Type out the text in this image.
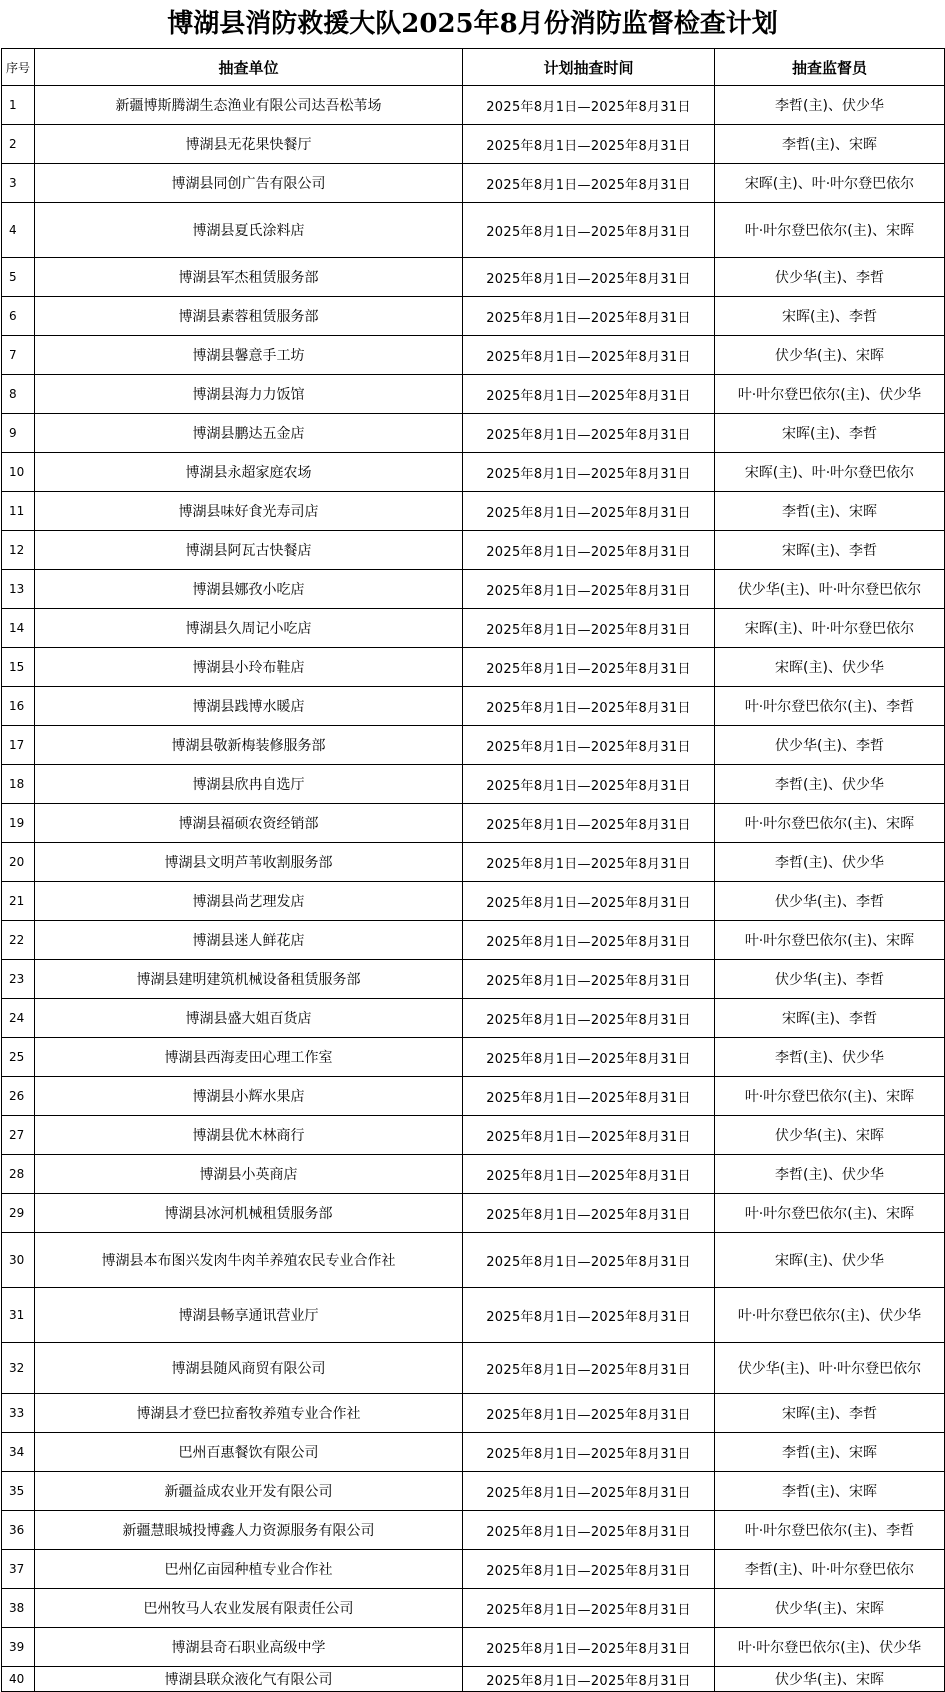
博湖县消防救援大队2025年8月份消防监督检查计划
序号	抽查单位	计划抽查时间	抽查监督员
1	新疆博斯腾湖生态渔业有限公司达吾松苇场	2025年8月1日—2025年8月31日	李哲(主)、伏少华
2	博湖县无花果快餐厅	2025年8月1日—2025年8月31日	李哲(主)、宋晖
3	博湖县同创广告有限公司	2025年8月1日—2025年8月31日	宋晖(主)、叶·叶尔登巴依尔
4	博湖县夏氏涂料店	2025年8月1日—2025年8月31日	叶·叶尔登巴依尔(主)、宋晖
5	博湖县军杰租赁服务部	2025年8月1日—2025年8月31日	伏少华(主)、李哲
6	博湖县素蓉租赁服务部	2025年8月1日—2025年8月31日	宋晖(主)、李哲
7	博湖县馨意手工坊	2025年8月1日—2025年8月31日	伏少华(主)、宋晖
8	博湖县海力力饭馆	2025年8月1日—2025年8月31日	叶·叶尔登巴依尔(主)、伏少华
9	博湖县鹏达五金店	2025年8月1日—2025年8月31日	宋晖(主)、李哲
10	博湖县永超家庭农场	2025年8月1日—2025年8月31日	宋晖(主)、叶·叶尔登巴依尔
11	博湖县味好食光寿司店	2025年8月1日—2025年8月31日	李哲(主)、宋晖
12	博湖县阿瓦古快餐店	2025年8月1日—2025年8月31日	宋晖(主)、李哲
13	博湖县娜孜小吃店	2025年8月1日—2025年8月31日	伏少华(主)、叶·叶尔登巴依尔
14	博湖县久周记小吃店	2025年8月1日—2025年8月31日	宋晖(主)、叶·叶尔登巴依尔
15	博湖县小玲布鞋店	2025年8月1日—2025年8月31日	宋晖(主)、伏少华
16	博湖县践博水暖店	2025年8月1日—2025年8月31日	叶·叶尔登巴依尔(主)、李哲
17	博湖县敬新梅装修服务部	2025年8月1日—2025年8月31日	伏少华(主)、李哲
18	博湖县欣冉自选厅	2025年8月1日—2025年8月31日	李哲(主)、伏少华
19	博湖县福硕农资经销部	2025年8月1日—2025年8月31日	叶·叶尔登巴依尔(主)、宋晖
20	博湖县文明芦苇收割服务部	2025年8月1日—2025年8月31日	李哲(主)、伏少华
21	博湖县尚艺理发店	2025年8月1日—2025年8月31日	伏少华(主)、李哲
22	博湖县迷人鲜花店	2025年8月1日—2025年8月31日	叶·叶尔登巴依尔(主)、宋晖
23	博湖县建明建筑机械设备租赁服务部	2025年8月1日—2025年8月31日	伏少华(主)、李哲
24	博湖县盛大姐百货店	2025年8月1日—2025年8月31日	宋晖(主)、李哲
25	博湖县西海麦田心理工作室	2025年8月1日—2025年8月31日	李哲(主)、伏少华
26	博湖县小辉水果店	2025年8月1日—2025年8月31日	叶·叶尔登巴依尔(主)、宋晖
27	博湖县优木林商行	2025年8月1日—2025年8月31日	伏少华(主)、宋晖
28	博湖县小英商店	2025年8月1日—2025年8月31日	李哲(主)、伏少华
29	博湖县冰河机械租赁服务部	2025年8月1日—2025年8月31日	叶·叶尔登巴依尔(主)、宋晖
30	博湖县本布图兴发肉牛肉羊养殖农民专业合作社	2025年8月1日—2025年8月31日	宋晖(主)、伏少华
31	博湖县畅享通讯营业厅	2025年8月1日—2025年8月31日	叶·叶尔登巴依尔(主)、伏少华
32	博湖县随风商贸有限公司	2025年8月1日—2025年8月31日	伏少华(主)、叶·叶尔登巴依尔
33	博湖县才登巴拉畜牧养殖专业合作社	2025年8月1日—2025年8月31日	宋晖(主)、李哲
34	巴州百惠餐饮有限公司	2025年8月1日—2025年8月31日	李哲(主)、宋晖
35	新疆益成农业开发有限公司	2025年8月1日—2025年8月31日	李哲(主)、宋晖
36	新疆慧眼城投博鑫人力资源服务有限公司	2025年8月1日—2025年8月31日	叶·叶尔登巴依尔(主)、李哲
37	巴州亿亩园种植专业合作社	2025年8月1日—2025年8月31日	李哲(主)、叶·叶尔登巴依尔
38	巴州牧马人农业发展有限责任公司	2025年8月1日—2025年8月31日	伏少华(主)、宋晖
39	博湖县奇石职业高级中学	2025年8月1日—2025年8月31日	叶·叶尔登巴依尔(主)、伏少华
40	博湖县联众液化气有限公司	2025年8月1日—2025年8月31日	伏少华(主)、宋晖
